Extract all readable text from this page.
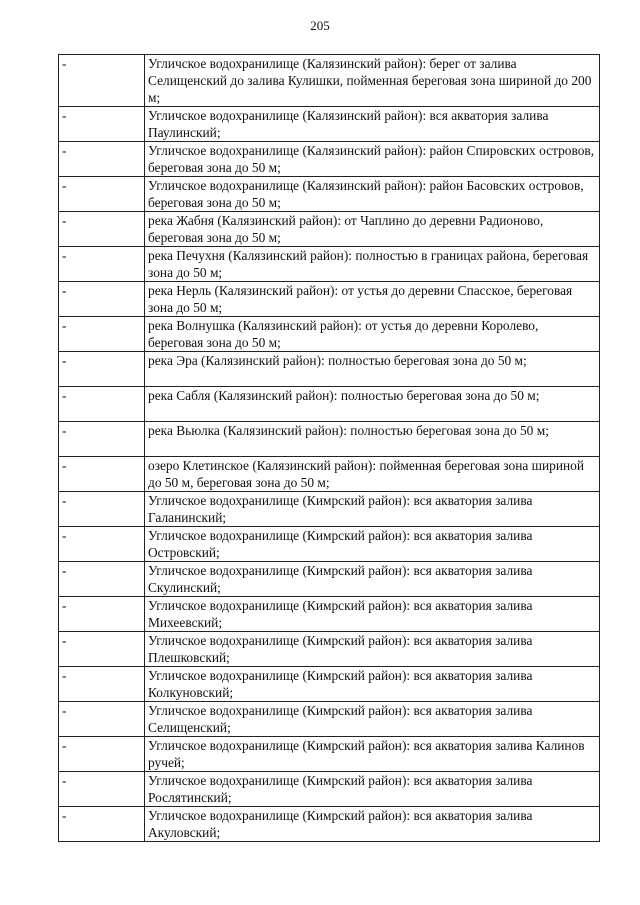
205
-	Угличское водохранилище (Калязинский район): берег от залива Селищенский до залива Кулишки, пойменная береговая зона шириной до 200 м;
-	Угличское водохранилище (Калязинский район): вся акватория залива Паулинский;
-	Угличское водохранилище (Калязинский район): район Спировских островов, береговая зона до 50 м;
-	Угличское водохранилище (Калязинский район): район Басовских островов, береговая зона до 50 м;
-	река Жабня (Калязинский район): от Чаплино до деревни Радионово, береговая зона до 50 м;
-	река Печухня (Калязинский район): полностью в границах района, береговая зона до 50 м;
-	река Нерль (Калязинский район): от устья до деревни Спасское, береговая зона до 50 м;
-	река Волнушка (Калязинский район): от устья до деревни Королево, береговая зона до 50 м;
-	река Эра (Калязинский район): полностью береговая зона до 50 м;
-	река Сабля (Калязинский район): полностью береговая зона до 50 м;
-	река Вьюлка (Калязинский район): полностью береговая зона до 50 м;
-	озеро Клетинское (Калязинский район): пойменная береговая зона шириной до 50 м, береговая зона до 50 м;
-	Угличское водохранилище (Кимрский район): вся акватория залива Галанинский;
-	Угличское водохранилище (Кимрский район): вся акватория залива Островский;
-	Угличское водохранилище (Кимрский район): вся акватория залива Скулинский;
-	Угличское водохранилище (Кимрский район): вся акватория залива Михеевский;
-	Угличское водохранилище (Кимрский район): вся акватория залива Плешковский;
-	Угличское водохранилище (Кимрский район): вся акватория залива Колкуновский;
-	Угличское водохранилище (Кимрский район): вся акватория залива Селищенский;
-	Угличское водохранилище (Кимрский район): вся акватория залива Калинов ручей;
-	Угличское водохранилище (Кимрский район): вся акватория залива Рослятинский;
-	Угличское водохранилище (Кимрский район): вся акватория залива Акуловский;
